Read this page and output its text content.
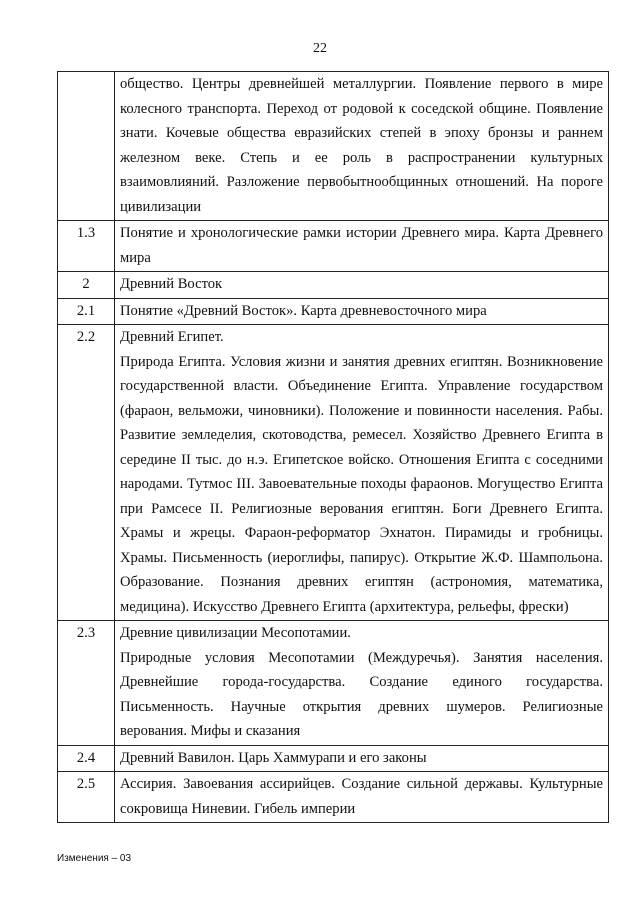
22

	общество. Центры древнейшей металлургии. Появление первого в мире колесного транспорта. Переход от родовой к соседской общине. Появление знати. Кочевые общества евразийских степей в эпоху бронзы и раннем железном веке. Степь и ее роль в распространении культурных взаимовлияний. Разложение первобытнообщинных отношений. На пороге цивилизации

1.3	Понятие и хронологические рамки истории Древнего мира. Карта Древнего мира

2	Древний Восток

2.1	Понятие «Древний Восток». Карта древневосточного мира

2.2	Древний Египет.
Природа Египта. Условия жизни и занятия древних египтян. Возникновение государственной власти. Объединение Египта. Управление государством (фараон, вельможи, чиновники). Положение и повинности населения. Рабы. Развитие земледелия, скотоводства, ремесел. Хозяйство Древнего Египта в середине II тыс. до н.э. Египетское войско. Отношения Египта с соседними народами. Тутмос III. Завоевательные походы фараонов. Могущество Египта при Рамсесе II. Религиозные верования египтян. Боги Древнего Египта. Храмы и жрецы. Фараон-реформатор Эхнатон. Пирамиды и гробницы. Храмы. Письменность (иероглифы, папирус). Открытие Ж.Ф. Шампольона. Образование. Познания древних египтян (астрономия, математика, медицина). Искусство Древнего Египта (архитектура, рельефы, фрески)

2.3	Древние цивилизации Месопотамии.
Природные условия Месопотамии (Междуречья). Занятия населения. Древнейшие города-государства. Создание единого государства. Письменность. Научные открытия древних шумеров. Религиозные верования. Мифы и сказания

2.4	Древний Вавилон. Царь Хаммурапи и его законы

2.5	Ассирия. Завоевания ассирийцев. Создание сильной державы. Культурные сокровища Ниневии. Гибель империи
Изменения – 03
